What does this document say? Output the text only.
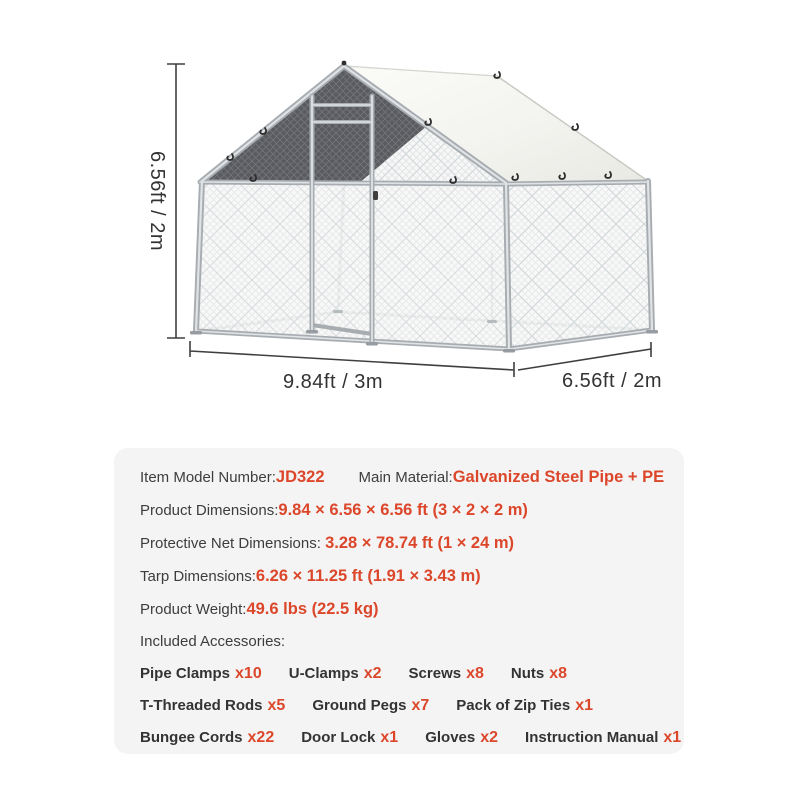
6.56ft / 2m
9.84ft / 3m	6.56ft / 2m
Item Model Number:JD322 Main Material:Galvanized Steel Pipe + PE
Product Dimensions:9.84 × 6.56 × 6.56 ft (3 × 2 × 2 m)
Protective Net Dimensions: 3.28 × 78.74 ft (1 × 24 m)
Tarp Dimensions:6.26 × 11.25 ft (1.91 × 3.43 m)
Product Weight:49.6 lbs (22.5 kg)
Included Accessories:
Pipe Clamps x10 U-Clamps x2 Screws x8 Nuts x8
T-Threaded Rods x5 Ground Pegs x7 Pack of Zip Ties x1
Bungee Cords x22 Door Lock x1 Gloves x2 Instruction Manual x1
